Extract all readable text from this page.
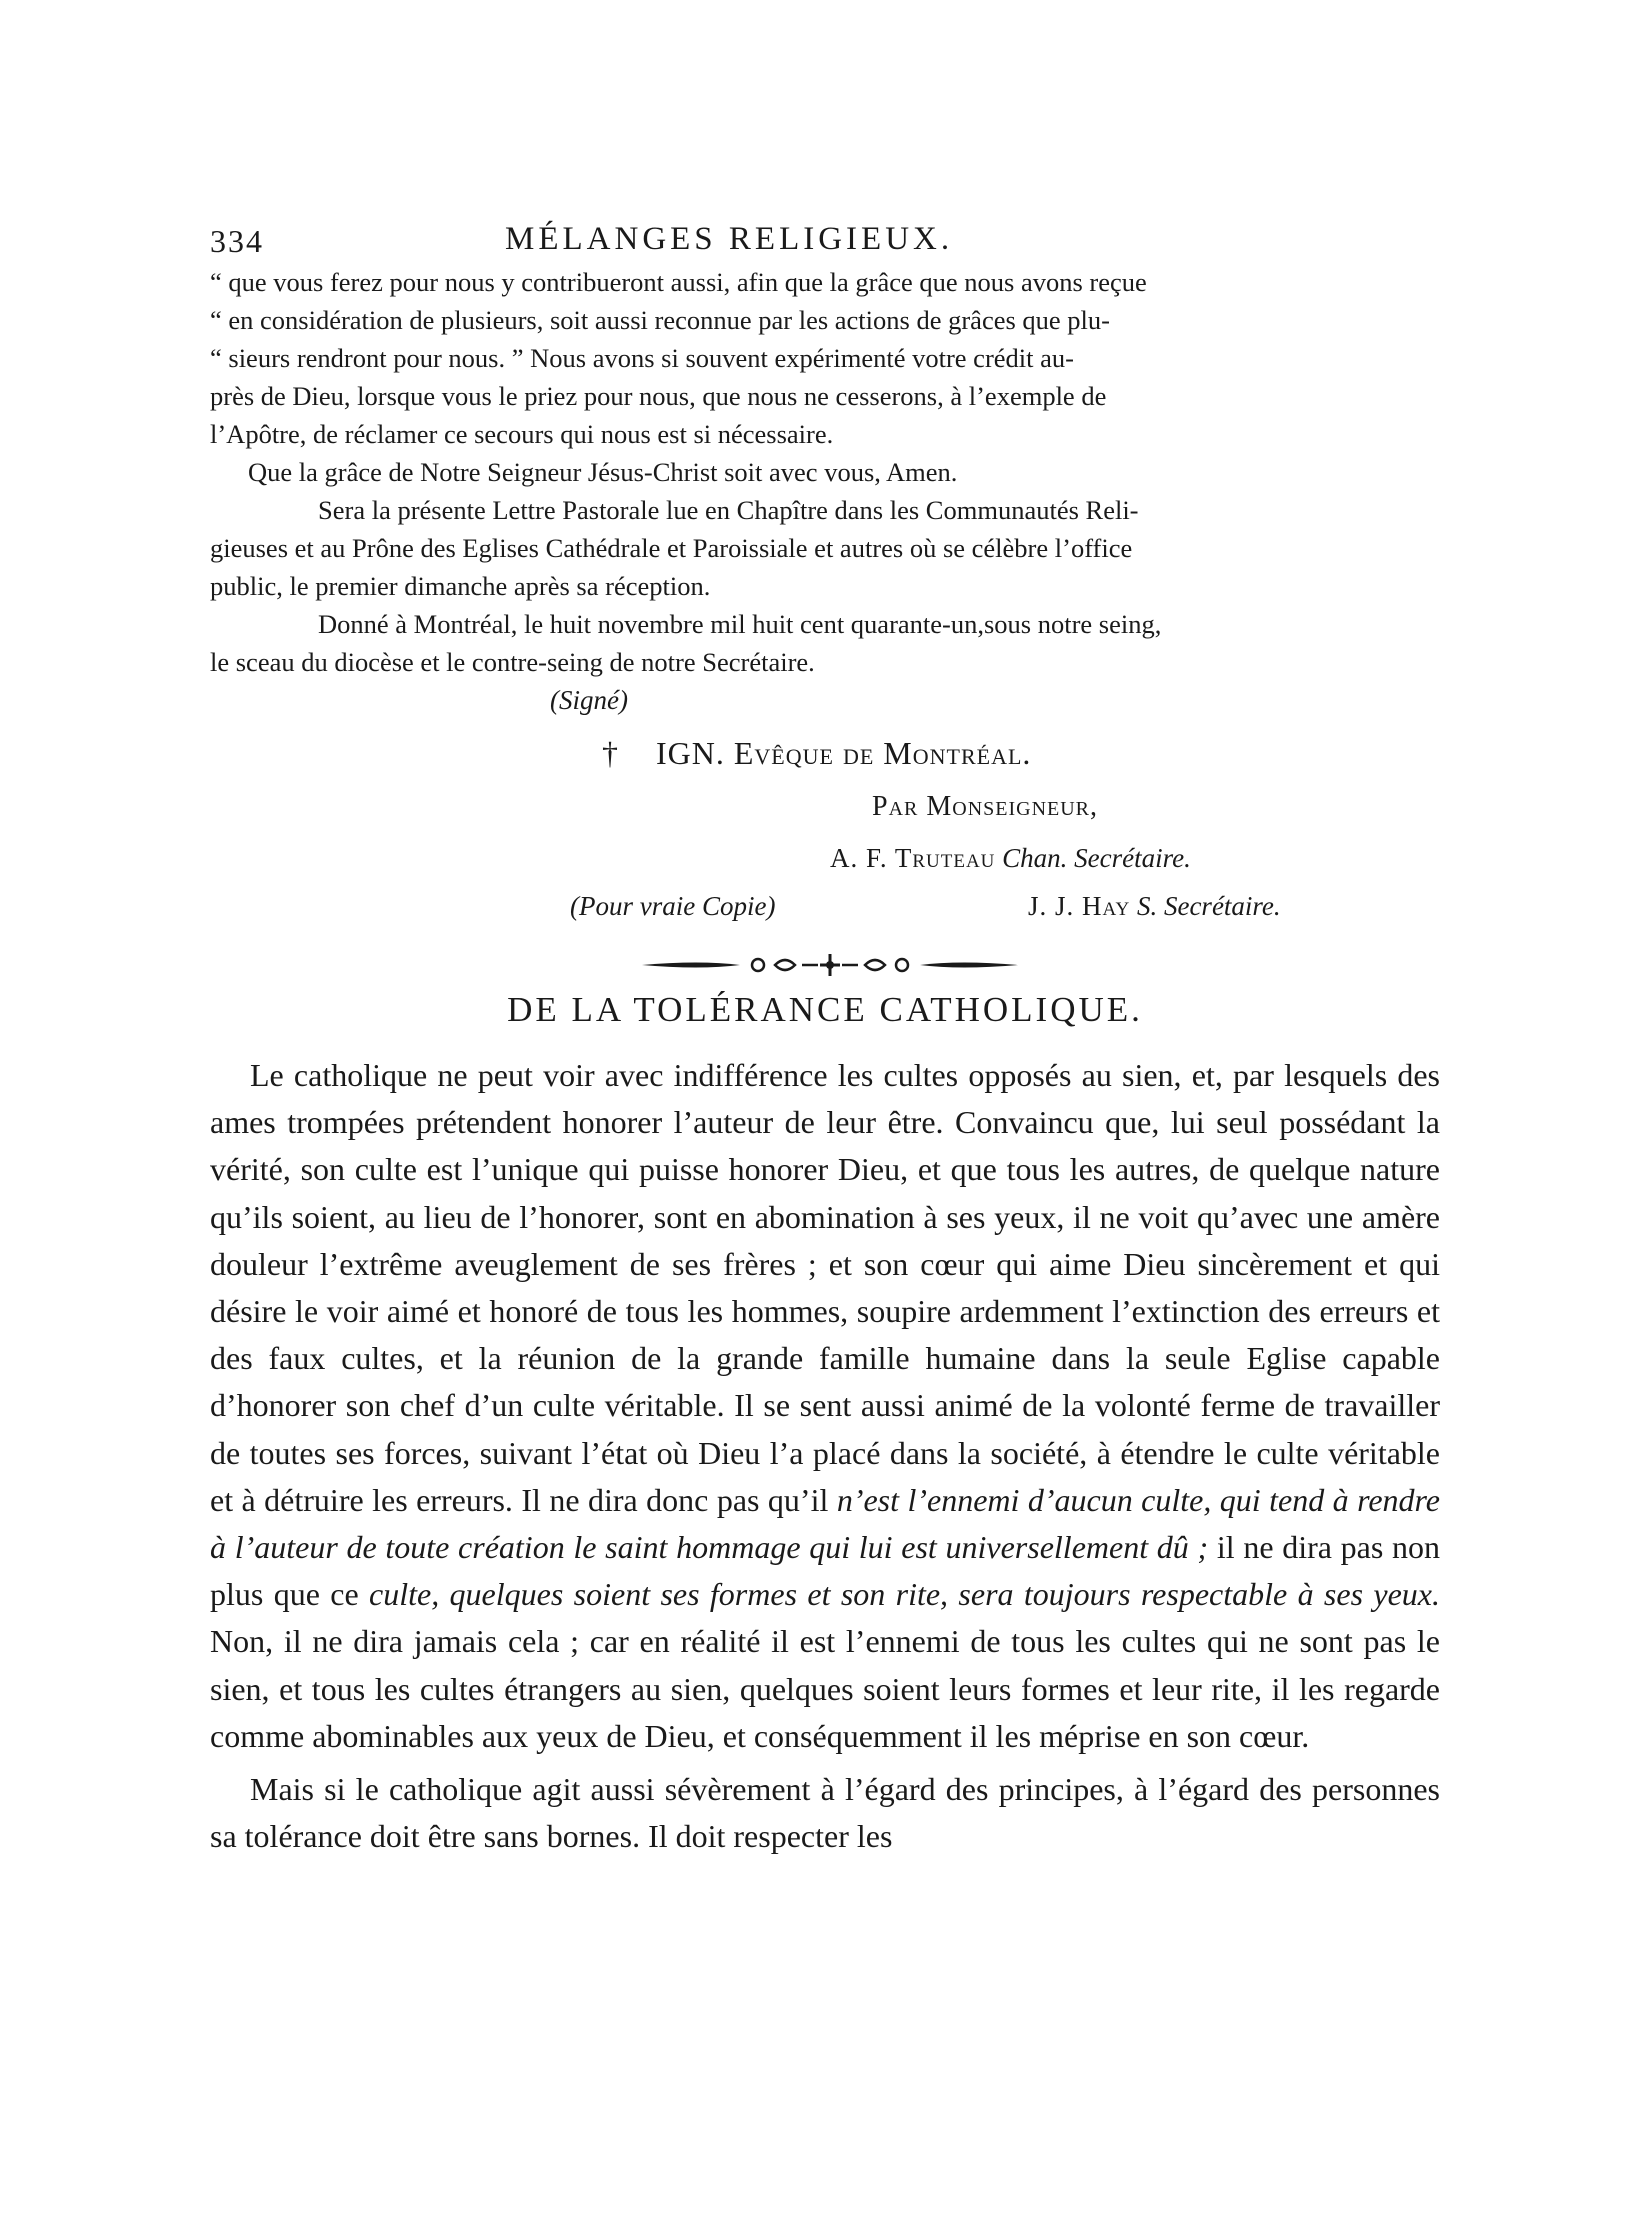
334	MÉLANGES RELIGIEUX.

“ que vous ferez pour nous y contribueront aussi, afin que la grâce que nous avons reçue
“ en considération de plusieurs, soit aussi reconnue par les actions de grâces que plu-
“ sieurs rendront pour nous. ” Nous avons si souvent expérimenté votre crédit au-
près de Dieu, lorsque vous le priez pour nous, que nous ne cesserons, à l’exemple de
l’Apôtre, de réclamer ce secours qui nous est si nécessaire.

Que la grâce de Notre Seigneur Jésus-Christ soit avec vous, Amen.

Sera la présente Lettre Pastorale lue en Chapître dans les Communautés Reli-
gieuses et au Prône des Eglises Cathédrale et Paroissiale et autres où se célèbre l’office
public, le premier dimanche après sa réception.

Donné à Montréal, le huit novembre mil huit cent quarante-un,sous notre seing,
le sceau du diocèse et le contre-seing de notre Secrétaire.

(Signé)
† IGN. Evêque de Montréal.
Par Monseigneur,
A. F. Truteau Chan. Secrétaire.
(Pour vraie Copie)	J. J. Hay S. Secrétaire.
DE LA TOLÉRANCE CATHOLIQUE.

Le catholique ne peut voir avec indifférence les cultes opposés au sien, et, par lesquels des ames trompées prétendent honorer l’auteur de leur être. Convaincu que, lui seul possédant la vérité, son culte est l’unique qui puisse honorer Dieu, et que tous les autres, de quelque nature qu’ils soient, au lieu de l’honorer, sont en abomination à ses yeux, il ne voit qu’avec une amère douleur l’extrême aveuglement de ses frères ; et son cœur qui aime Dieu sincèrement et qui désire le voir aimé et honoré de tous les hommes, soupire ardemment l’extinction des erreurs et des faux cultes, et la réunion de la grande famille humaine dans la seule Eglise capable d’honorer son chef d’un culte véritable. Il se sent aussi animé de la volonté ferme de travailler de toutes ses forces, suivant l’état où Dieu l’a placé dans la société, à étendre le culte véritable et à détruire les erreurs. Il ne dira donc pas qu’il n’est l’ennemi d’aucun culte, qui tend à rendre à l’auteur de toute création le saint hommage qui lui est universellement dû ; il ne dira pas non plus que ce culte, quelques soient ses formes et son rite, sera toujours respectable à ses yeux. Non, il ne dira jamais cela ; car en réalité il est l’ennemi de tous les cultes qui ne sont pas le sien, et tous les cultes étrangers au sien, quelques soient leurs formes et leur rite, il les regarde comme abominables aux yeux de Dieu, et conséquemment il les méprise en son cœur.

Mais si le catholique agit aussi sévèrement à l’égard des principes, à l’égard des personnes sa tolérance doit être sans bornes. Il doit respecter les
